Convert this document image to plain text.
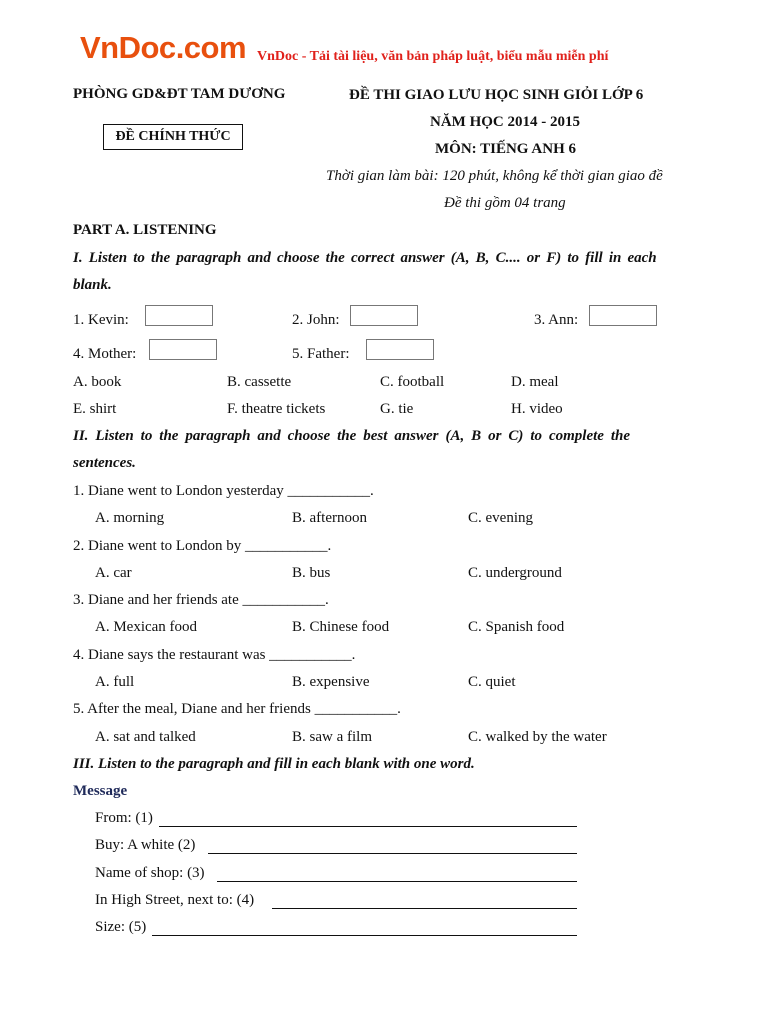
VnDoc.com VnDoc - Tải tài liệu, văn bản pháp luật, biểu mẫu miễn phí
PHÒNG GD&ĐT TAM DƯƠNG
ĐỀ CHÍNH THỨC
ĐỀ THI GIAO LƯU HỌC SINH GIỎI LỚP 6
NĂM HỌC 2014 - 2015
MÔN: TIẾNG ANH 6
Thời gian làm bài: 120 phút, không kể thời gian giao đề
Đề thi gồm 04 trang
PART A. LISTENING
I. Listen to the paragraph and choose the correct answer (A, B, C.... or F) to fill in each
blank.
1. Kevin:	2. John:	3. Ann:
4. Mother:	5. Father:
A. book	B. cassette	C. football	D. meal
E. shirt	F. theatre tickets	G. tie	H. video
II. Listen to the paragraph and choose the best answer (A, B or C) to complete the
sentences.
1. Diane went to London yesterday ___________.
A. morning	B. afternoon	C. evening
2. Diane went to London by ___________.
A. car	B. bus	C. underground
3. Diane and her friends ate ___________.
A. Mexican food	B. Chinese food	C. Spanish food
4. Diane says the restaurant was ___________.
A. full	B. expensive	C. quiet
5. After the meal, Diane and her friends ___________.
A. sat and talked	B. saw a film	C. walked by the water
III. Listen to the paragraph and fill in each blank with one word.
Message
From: (1)
Buy: A white (2)
Name of shop: (3)
In High Street, next to: (4)
Size: (5)
